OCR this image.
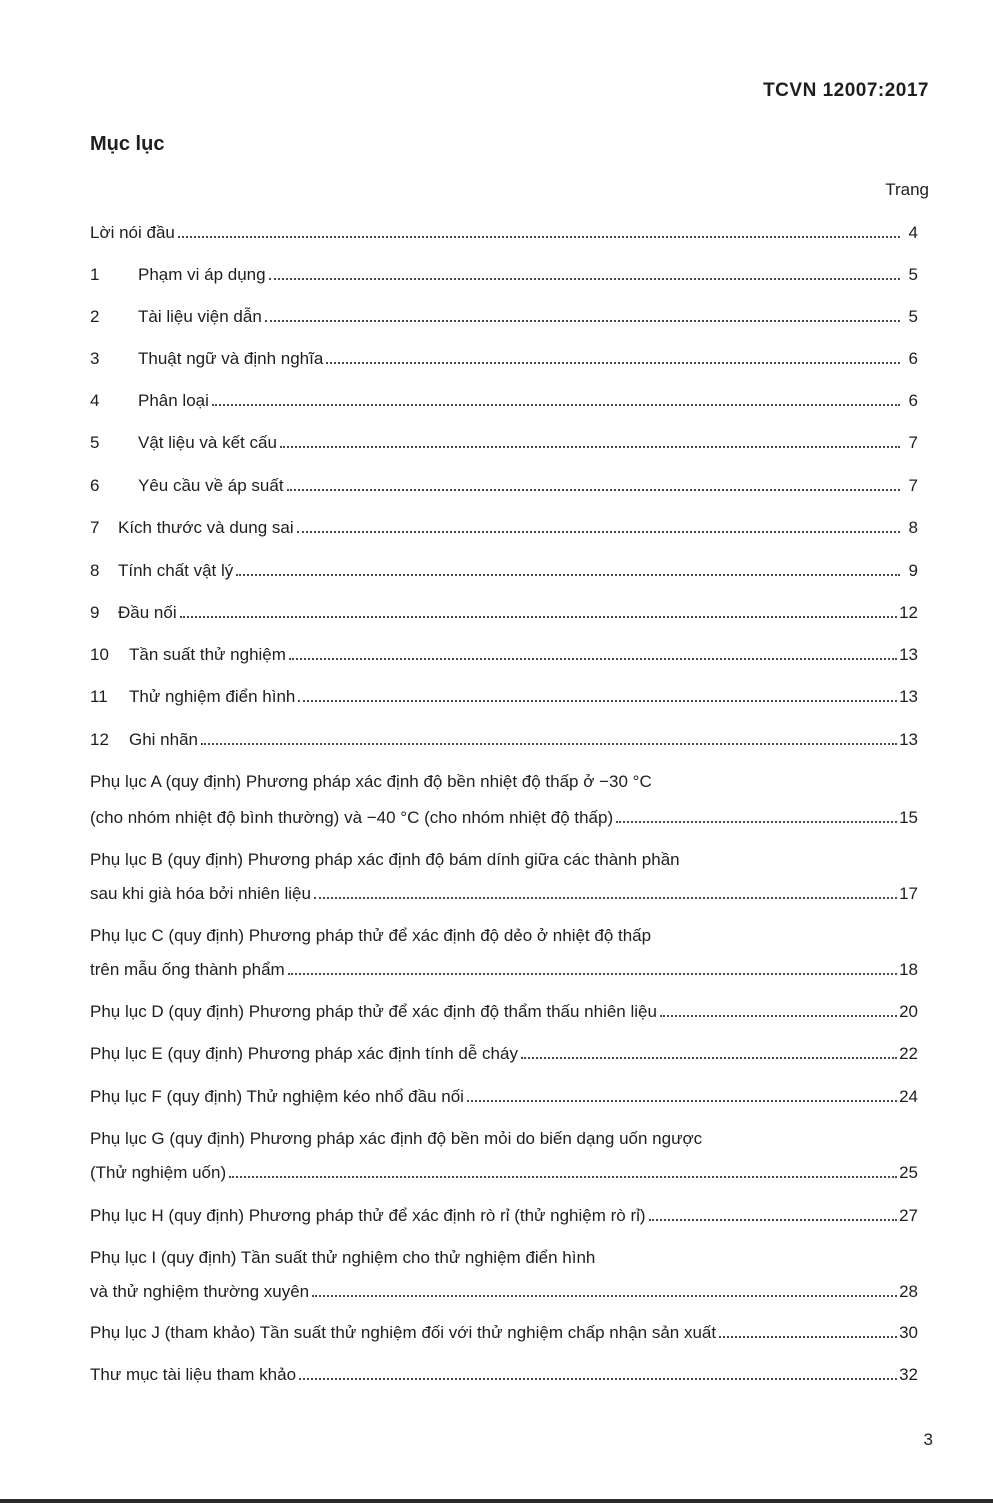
TCVN 12007:2017
Mục lục
Trang
Lời nói đầu	4
1	Phạm vi áp dụng	5
2	Tài liệu viện dẫn	5
3	Thuật ngữ và định nghĩa	6
4	Phân loại	6
5	Vật liệu và kết cấu	7
6	Yêu cầu về áp suất	7
7	Kích thước và dung sai	8
8	Tính chất vật lý	9
9	Đầu nối	12
10	Tần suất thử nghiệm	13
11	Thử nghiệm điển hình	13
12	Ghi nhãn	13
Phụ lục A (quy định) Phương pháp xác định độ bền nhiệt độ thấp ở −30 °C
(cho nhóm nhiệt độ bình thường) và −40 °C (cho nhóm nhiệt độ thấp)	15
Phụ lục B (quy định) Phương pháp xác định độ bám dính giữa các thành phần
sau khi già hóa bởi nhiên liệu	17
Phụ lục C (quy định) Phương pháp thử để xác định độ dẻo ở nhiệt độ thấp
trên mẫu ống thành phẩm	18
Phụ lục D (quy định) Phương pháp thử để xác định độ thẩm thấu nhiên liệu	20
Phụ lục E (quy định) Phương pháp xác định tính dễ cháy	22
Phụ lục F (quy định) Thử nghiệm kéo nhổ đầu nối	24
Phụ lục G (quy định) Phương pháp xác định độ bền mỏi do biến dạng uốn ngược
(Thử nghiệm uốn)	25
Phụ lục H (quy định) Phương pháp thử để xác định rò rỉ (thử nghiệm rò rỉ)	27
Phụ lục I (quy định) Tần suất thử nghiệm cho thử nghiệm điển hình
và thử nghiệm thường xuyên	28
Phụ lục J (tham khảo) Tần suất thử nghiệm đối với thử nghiệm chấp nhận sản xuất	30
Thư mục tài liệu tham khảo	32
3
